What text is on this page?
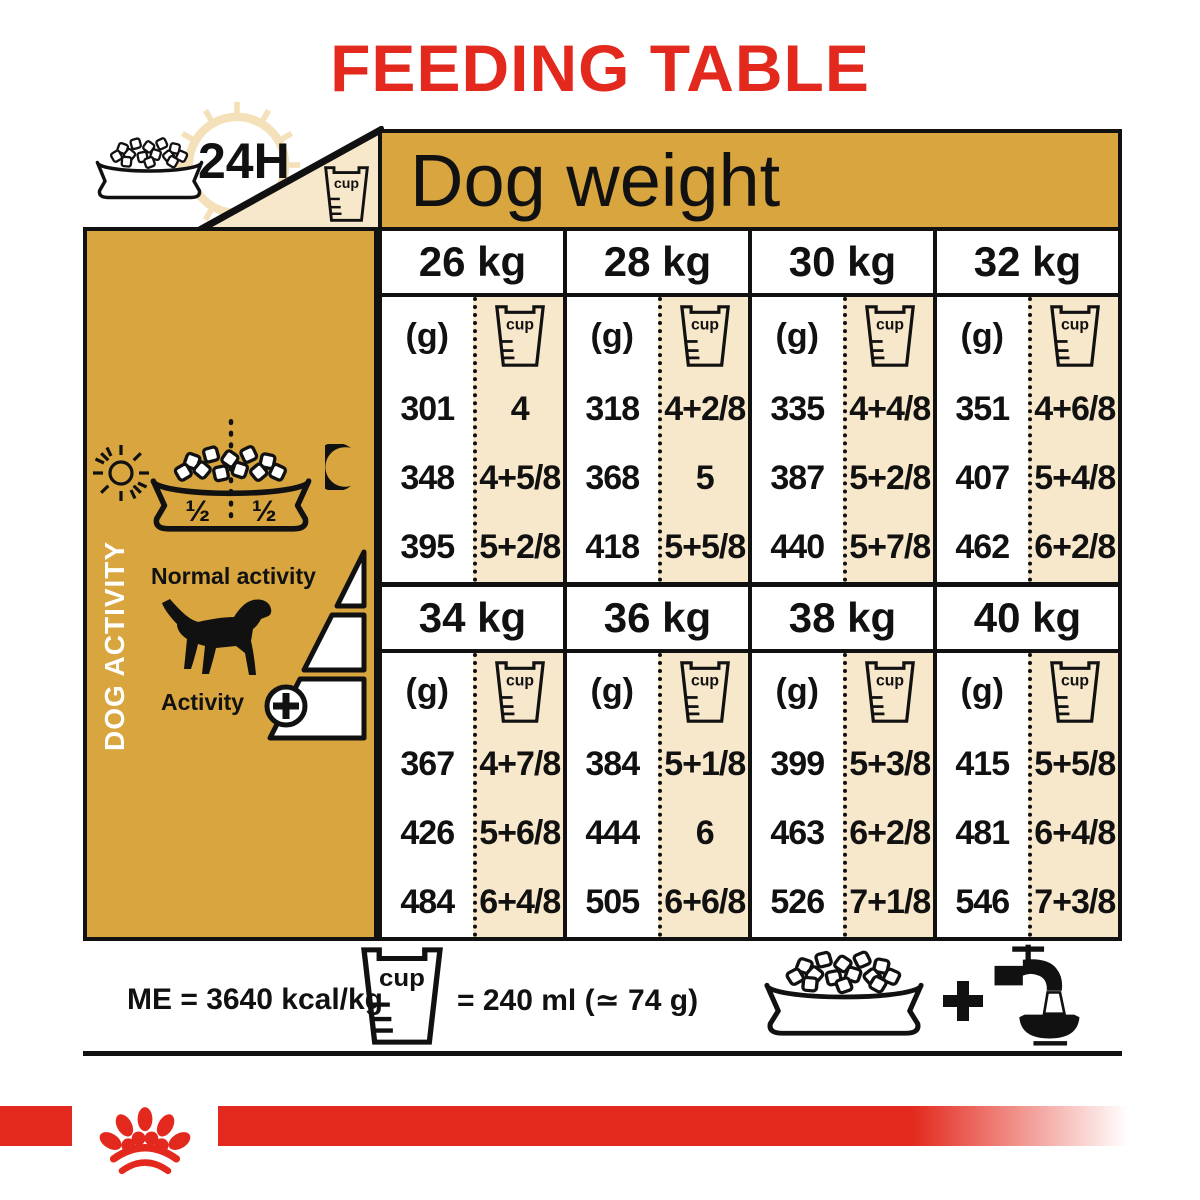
FEEDING TABLE
24H	cup Dog weight
½ ½
DOG ACTIVITY Normal activity
Activity
26 kg
(g)
301
348
395
cup
4
4+5/8
5+2/8
28 kg
(g)
318
368
418
cup
4+2/8
5
5+5/8
30 kg
(g)
335
387
440
cup
4+4/8
5+2/8
5+7/8
32 kg
(g)
351
407
462
cup
4+6/8
5+4/8
6+2/8
34 kg
(g)
367
426
484
cup
4+7/8
5+6/8
6+4/8
36 kg
(g)
384
444
505
cup
5+1/8
6
6+6/8
38 kg
(g)
399
463
526
cup
5+3/8
6+2/8
7+1/8
40 kg
(g)
415
481
546
cup
5+5/8
6+4/8
7+3/8
ME = 3640 kcal/kg
cup
= 240 ml (≃ 74 g)
